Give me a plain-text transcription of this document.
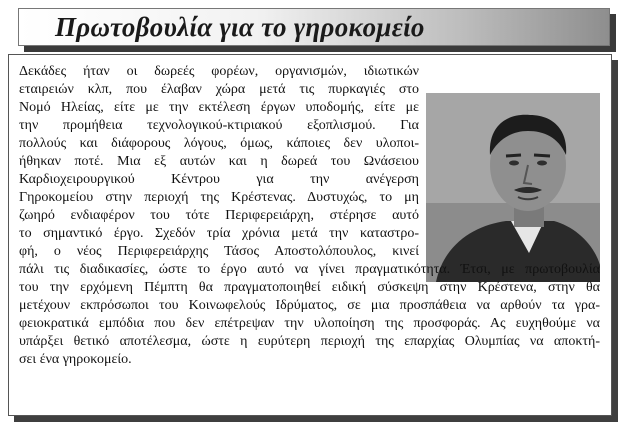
Πρωτοβουλία για το γηροκομείο
Δεκάδες ήταν οι δωρεές φορέων, οργανισμών, ιδιωτικών
εταιρειών κλπ, που έλαβαν χώρα μετά τις πυρκαγιές στο
Νομό Ηλείας, είτε με την εκτέλεση έργων υποδομής, είτε με
την προμήθεια τεχνολογικού-κτιριακού εξοπλισμού. Για
πολλούς και διάφορους λόγους, όμως, κάποιες δεν υλοποι-
ήθηκαν ποτέ. Μια εξ αυτών και η δωρεά του Ωνάσειου
Καρδιοχειρουργικού Κέντρου για την ανέγερση
Γηροκομείου στην περιοχή της Κρέστενας. Δυστυχώς, το μη
ζωηρό ενδιαφέρον του τότε Περιφερειάρχη, στέρησε αυτό
το σημαντικό έργο. Σχεδόν τρία χρόνια μετά την καταστρο-
φή, ο νέος Περιφερειάρχης Τάσος Αποστολόπουλος, κινεί
πάλι τις διαδικασίες, ώστε το έργο αυτό να γίνει πραγματικότητα. Έτσι, με πρωτοβουλία
του την ερχόμενη Πέμπτη θα πραγματοποιηθεί ειδική σύσκεψη στην Κρέστενα, στην θα
μετέχουν εκπρόσωποι του Κοινωφελούς Ιδρύματος, σε μια προσπάθεια να αρθούν τα γρα-
φειοκρατικά εμπόδια που δεν επέτρεψαν την υλοποίηση της προσφοράς. Ας ευχηθούμε να
υπάρξει θετικό αποτέλεσμα, ώστε η ευρύτερη περιοχή της επαρχίας Ολυμπίας να αποκτή-
σει ένα γηροκομείο.
